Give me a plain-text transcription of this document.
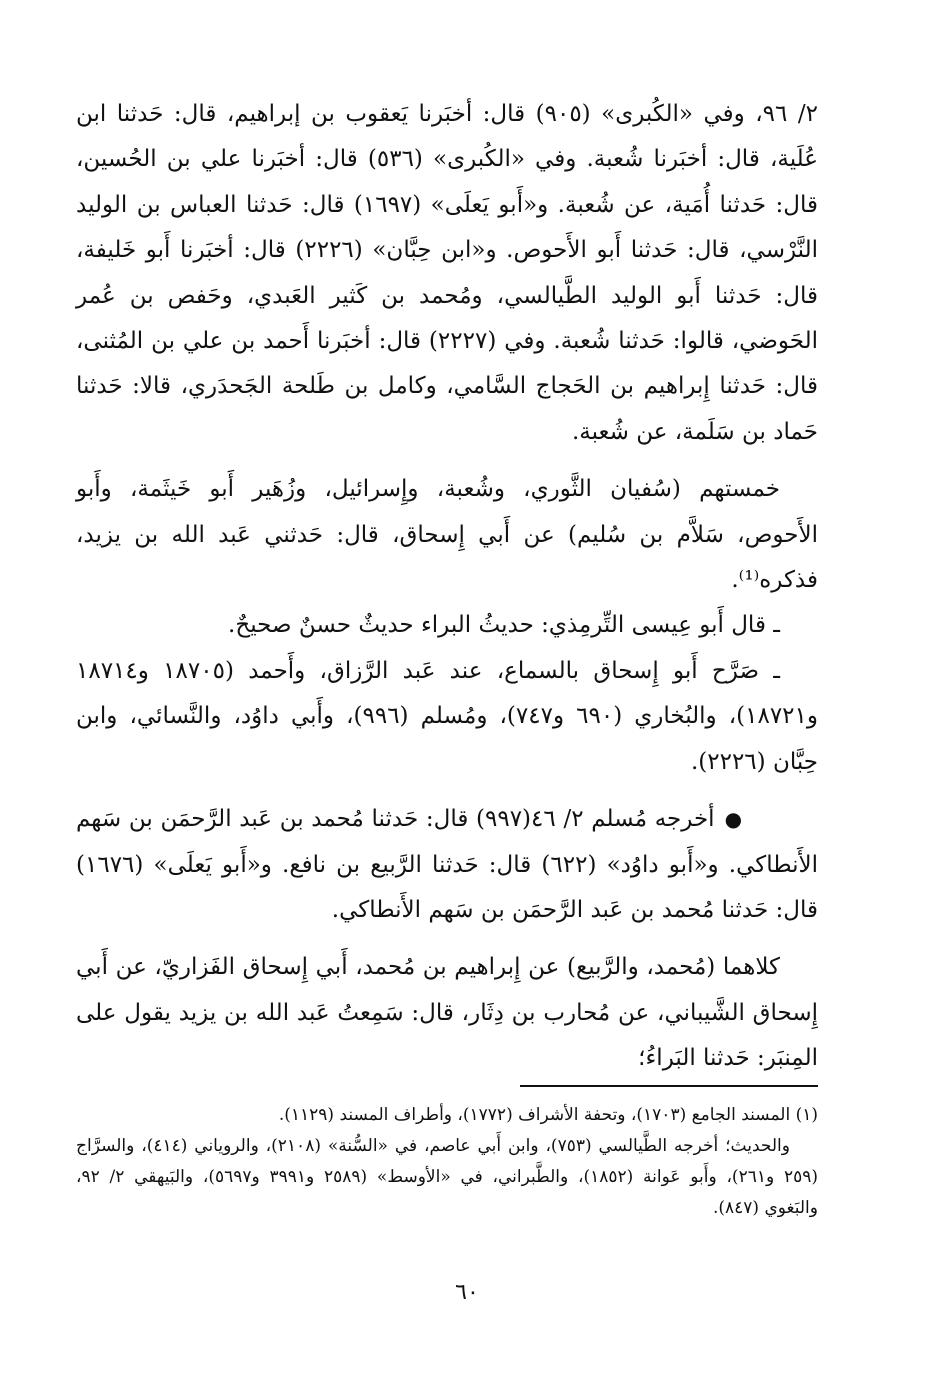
٢/ ٩٦، وفي «الكُبرى» (٩٠٥) قال: أخبَرنا يَعقوب بن إبراهيم، قال: حَدثنا ابن عُلَية، قال: أخبَرنا شُعبة. وفي «الكُبرى» (٥٣٦) قال: أخبَرنا علي بن الحُسين، قال: حَدثنا أُمَية، عن شُعبة. و«أَبو يَعلَى» (١٦٩٧) قال: حَدثنا العباس بن الوليد النَّرْسي، قال: حَدثنا أَبو الأَحوص. و«ابن حِبَّان» (٢٢٢٦) قال: أخبَرنا أَبو خَليفة، قال: حَدثنا أَبو الوليد الطَّيالسي، ومُحمد بن كَثير العَبدي، وحَفص بن عُمر الحَوضي، قالوا: حَدثنا شُعبة. وفي (٢٢٢٧) قال: أخبَرنا أَحمد بن علي بن المُثنى، قال: حَدثنا إِبراهيم بن الحَجاج السَّامي، وكامل بن طَلحة الجَحدَري، قالا: حَدثنا حَماد بن سَلَمة، عن شُعبة.

خمستهم (سُفيان الثَّوري، وشُعبة، وإِسرائيل، وزُهَير أَبو خَيثَمة، وأَبو الأَحوص، سَلاَّم بن سُليم) عن أَبي إِسحاق، قال: حَدثني عَبد الله بن يزيد، فذكره⁽¹⁾.

ـ قال أَبو عِيسى التِّرمِذي: حديثُ البراء حديثٌ حسنٌ صحيحٌ.

ـ صَرَّح أَبو إِسحاق بالسماع، عند عَبد الرَّزاق، وأَحمد (١٨٧٠٥ و١٨٧١٤ و١٨٧٢١)، والبُخاري (٦٩٠ و٧٤٧)، ومُسلم (٩٩٦)، وأَبي داوُد، والنَّسائي، وابن حِبَّان (٢٢٢٦).

●أخرجه مُسلم ٢/ ٤٦(٩٩٧) قال: حَدثنا مُحمد بن عَبد الرَّحمَن بن سَهم الأَنطاكي. و«أَبو داوُد» (٦٢٢) قال: حَدثنا الرَّبيع بن نافع. و«أَبو يَعلَى» (١٦٧٦) قال: حَدثنا مُحمد بن عَبد الرَّحمَن بن سَهم الأَنطاكي.

كلاهما (مُحمد، والرَّبيع) عن إِبراهيم بن مُحمد، أَبي إِسحاق الفَزاريّ، عن أَبي إِسحاق الشَّيباني، عن مُحارب بن دِثَار، قال: سَمِعتُ عَبد الله بن يزيد يقول على المِنبَر: حَدثنا البَراءُ؛

(١) المسند الجامع (١٧٠٣)، وتحفة الأشراف (١٧٧٢)، وأطراف المسند (١١٢٩).

والحديث؛ أخرجه الطَّيالسي (٧٥٣)، وابن أَبي عاصم، في «السُّنة» (٢١٠٨)، والروياني (٤١٤)، والسرَّاج (٢٥٩ و٢٦١)، وأَبو عَوانة (١٨٥٢)، والطَّبراني، في «الأوسط» (٢٥٨٩ و٣٩٩١ و٥٦٩٧)، والبَيهقي ٢/ ٩٢، والبَغوي (٨٤٧).

٦٠
